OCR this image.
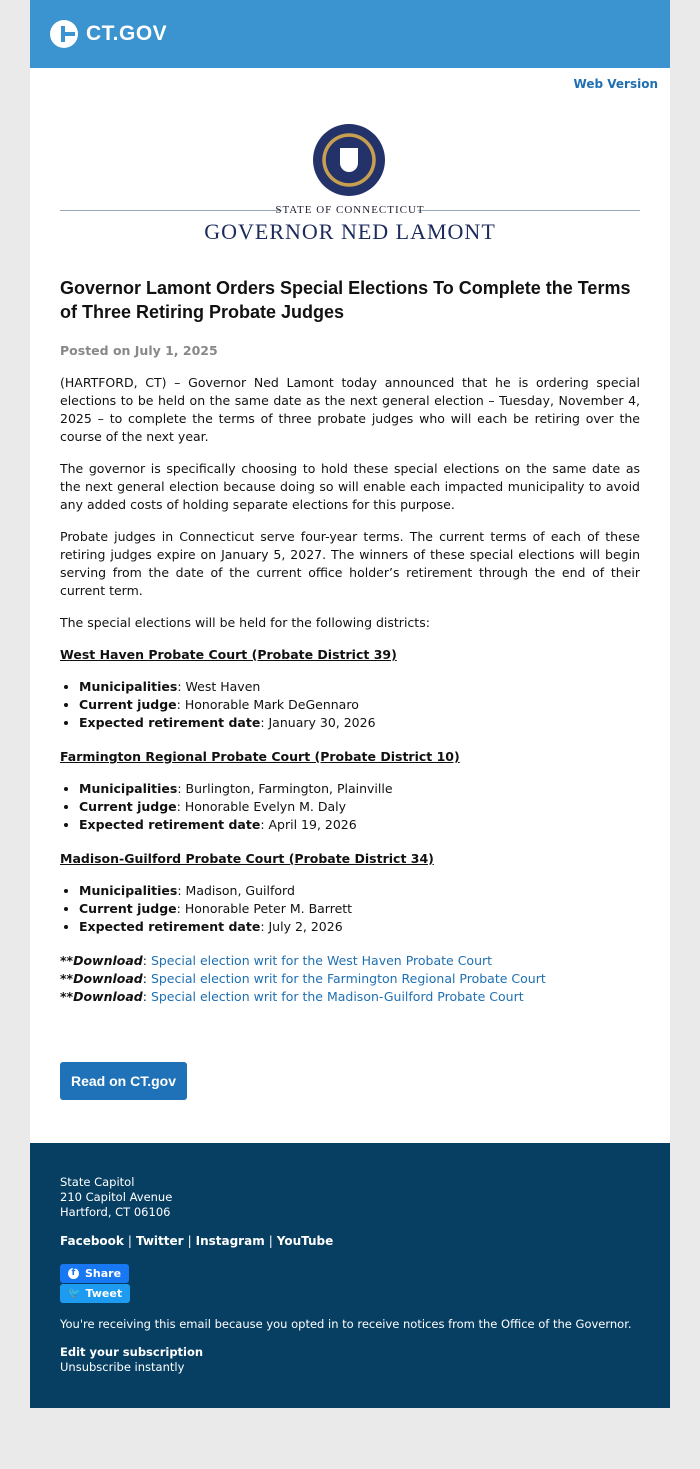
CT.GOV
Web Version
STATE OF CONNECTICUT
GOVERNOR NED LAMONT
Governor Lamont Orders Special Elections To Complete the Terms of Three Retiring Probate Judges
Posted on July 1, 2025

(HARTFORD, CT) – Governor Ned Lamont today announced that he is ordering special elections to be held on the same date as the next general election – Tuesday, November 4, 2025 – to complete the terms of three probate judges who will each be retiring over the course of the next year.

The governor is specifically choosing to hold these special elections on the same date as the next general election because doing so will enable each impacted municipality to avoid any added costs of holding separate elections for this purpose.

Probate judges in Connecticut serve four-year terms. The current terms of each of these retiring judges expire on January 5, 2027. The winners of these special elections will begin serving from the date of the current office holder’s retirement through the end of their current term.

The special elections will be held for the following districts:

West Haven Probate Court (Probate District 39)
• Municipalities: West Haven
• Current judge: Honorable Mark DeGennaro
• Expected retirement date: January 30, 2026
Farmington Regional Probate Court (Probate District 10)
• Municipalities: Burlington, Farmington, Plainville
• Current judge: Honorable Evelyn M. Daly
• Expected retirement date: April 19, 2026
Madison-Guilford Probate Court (Probate District 34)
• Municipalities: Madison, Guilford
• Current judge: Honorable Peter M. Barrett
• Expected retirement date: July 2, 2026
**Download: Special election writ for the West Haven Probate Court
**Download: Special election writ for the Farmington Regional Probate Court
**Download: Special election writ for the Madison-Guilford Probate Court
Read on CT.gov
State Capitol
210 Capitol Avenue
Hartford, CT 06106
Facebook | Twitter | Instagram | YouTube
f Share
🐦 Tweet
You're receiving this email because you opted in to receive notices from the Office of the Governor.
Edit your subscription
Unsubscribe instantly
